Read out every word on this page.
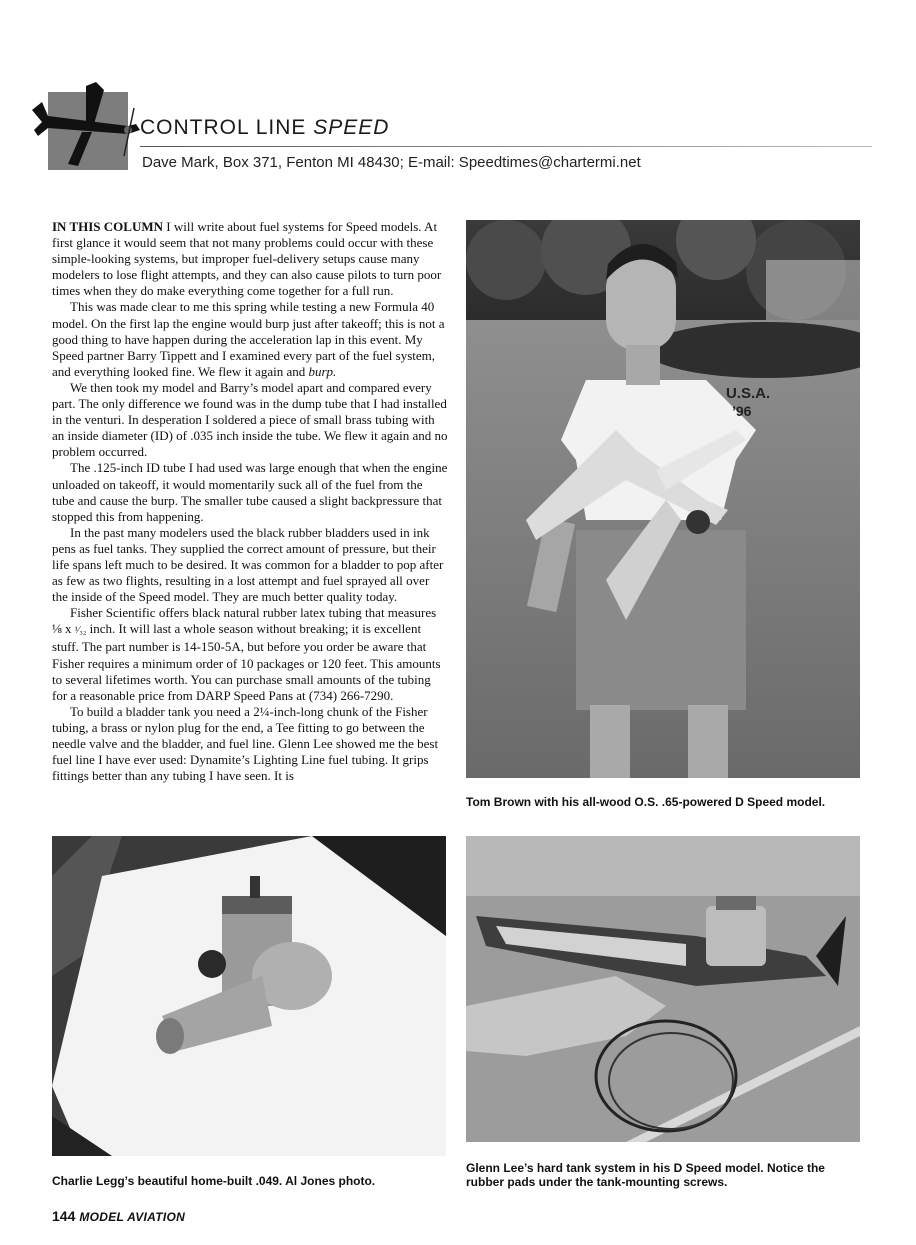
CONTROL LINE SPEED
Dave Mark, Box 371, Fenton MI 48430; E-mail: Speedtimes@chartermi.net

IN THIS COLUMN I will write about fuel systems for Speed models. At first glance it would seem that not many problems could occur with these simple-looking systems, but improper fuel-delivery setups cause many modelers to lose flight attempts, and they can also cause pilots to turn poor times when they do make everything come together for a full run.

This was made clear to me this spring while testing a new Formula 40 model. On the first lap the engine would burp just after takeoff; this is not a good thing to have happen during the acceleration lap in this event. My Speed partner Barry Tippett and I examined every part of the fuel system, and everything looked fine. We flew it again and burp.

We then took my model and Barry’s model apart and compared every part. The only difference we found was in the dump tube that I had installed in the venturi. In desperation I soldered a piece of small brass tubing with an inside diameter (ID) of .035 inch inside the tube. We flew it again and no problem occurred.

The .125-inch ID tube I had used was large enough that when the engine unloaded on takeoff, it would momentarily suck all of the fuel from the tube and cause the burp. The smaller tube caused a slight backpressure that stopped this from happening.

In the past many modelers used the black rubber bladders used in ink pens as fuel tanks. They supplied the correct amount of pressure, but their life spans left much to be desired. It was common for a bladder to pop after as few as two flights, resulting in a lost attempt and fuel sprayed all over the inside of the Speed model. They are much better quality today.

Fisher Scientific offers black natural rubber latex tubing that measures ⅛ x ¹⁄₃₂ inch. It will last a whole season without breaking; it is excellent stuff. The part number is 14-150-5A, but before you order be aware that Fisher requires a minimum order of 10 packages or 120 feet. This amounts to several lifetimes worth. You can purchase small amounts of the tubing for a reasonable price from DARP Speed Pans at (734) 266-7290.

To build a bladder tank you need a 2¼-inch-long chunk of the Fisher tubing, a brass or nylon plug for the end, a Tee fitting to go between the needle valve and the bladder, and fuel line. Glenn Lee showed me the best fuel line I have ever used: Dynamite’s Lighting Line fuel tubing. It grips fittings better than any tubing I have seen. It is

U.S.A.
’96
Tom Brown with his all-wood O.S. .65-powered D Speed model.
Charlie Legg’s beautiful home-built .049. Al Jones photo.
Glenn Lee’s hard tank system in his D Speed model. Notice the rubber pads under the tank-mounting screws.
144 MODEL AVIATION
